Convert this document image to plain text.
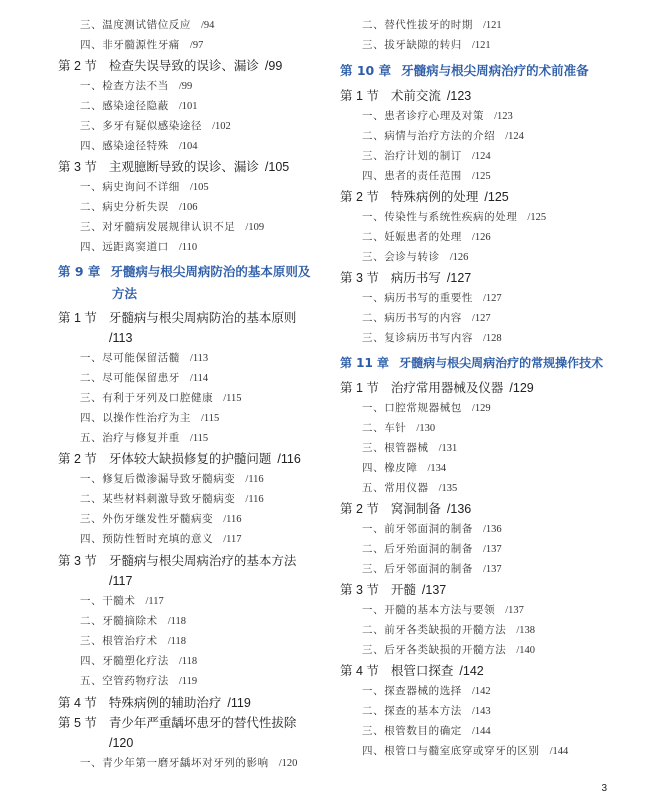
三、温度测试错位反应 /94
四、非牙髓源性牙痛 /97
第 2 节 检查失误导致的误诊、漏诊 /99
一、检查方法不当 /99
二、感染途径隐蔽 /101
三、多牙有疑似感染途径 /102
四、感染途径特殊 /104
第 3 节 主观臆断导致的误诊、漏诊 /105
一、病史询问不详细 /105
二、病史分析失误 /106
三、对牙髓病发展规律认识不足 /109
四、远距离窦道口 /110
第 9 章 牙髓病与根尖周病防治的基本原则及
方法
第 1 节 牙髓病与根尖周病防治的基本原则
/113
一、尽可能保留活髓 /113
二、尽可能保留患牙 /114
三、有利于牙列及口腔健康 /115
四、以操作性治疗为主 /115
五、治疗与修复并重 /115
第 2 节 牙体较大缺损修复的护髓问题 /116
一、修复后微渗漏导致牙髓病变 /116
二、某些材料刺激导致牙髓病变 /116
三、外伤牙继发性牙髓病变 /116
四、预防性暂时充填的意义 /117
第 3 节 牙髓病与根尖周病治疗的基本方法
/117
一、干髓术 /117
二、牙髓摘除术 /118
三、根管治疗术 /118
四、牙髓塑化疗法 /118
五、空管药物疗法 /119
第 4 节 特殊病例的辅助治疗 /119
第 5 节 青少年严重龋坏患牙的替代性拔除
/120
一、青少年第一磨牙龋坏对牙列的影响 /120
二、替代性拔牙的时期 /121
三、拔牙缺隙的转归 /121
第 10 章 牙髓病与根尖周病治疗的术前准备
第 1 节 术前交流 /123
一、患者诊疗心理及对策 /123
二、病情与治疗方法的介绍 /124
三、治疗计划的制订 /124
四、患者的责任范围 /125
第 2 节 特殊病例的处理 /125
一、传染性与系统性疾病的处理 /125
二、妊娠患者的处理 /126
三、会诊与转诊 /126
第 3 节 病历书写 /127
一、病历书写的重要性 /127
二、病历书写的内容 /127
三、复诊病历书写内容 /128
第 11 章 牙髓病与根尖周病治疗的常规操作技术
第 1 节 治疗常用器械及仪器 /129
一、口腔常规器械包 /129
二、车针 /130
三、根管器械 /131
四、橡皮障 /134
五、常用仪器 /135
第 2 节 窝洞制备 /136
一、前牙邻面洞的制备 /136
二、后牙殆面洞的制备 /137
三、后牙邻面洞的制备 /137
第 3 节 开髓 /137
一、开髓的基本方法与要领 /137
二、前牙各类缺损的开髓方法 /138
三、后牙各类缺损的开髓方法 /140
第 4 节 根管口探查 /142
一、探查器械的选择 /142
二、探查的基本方法 /143
三、根管数目的确定 /144
四、根管口与髓室底穿或穿牙的区别 /144
3
